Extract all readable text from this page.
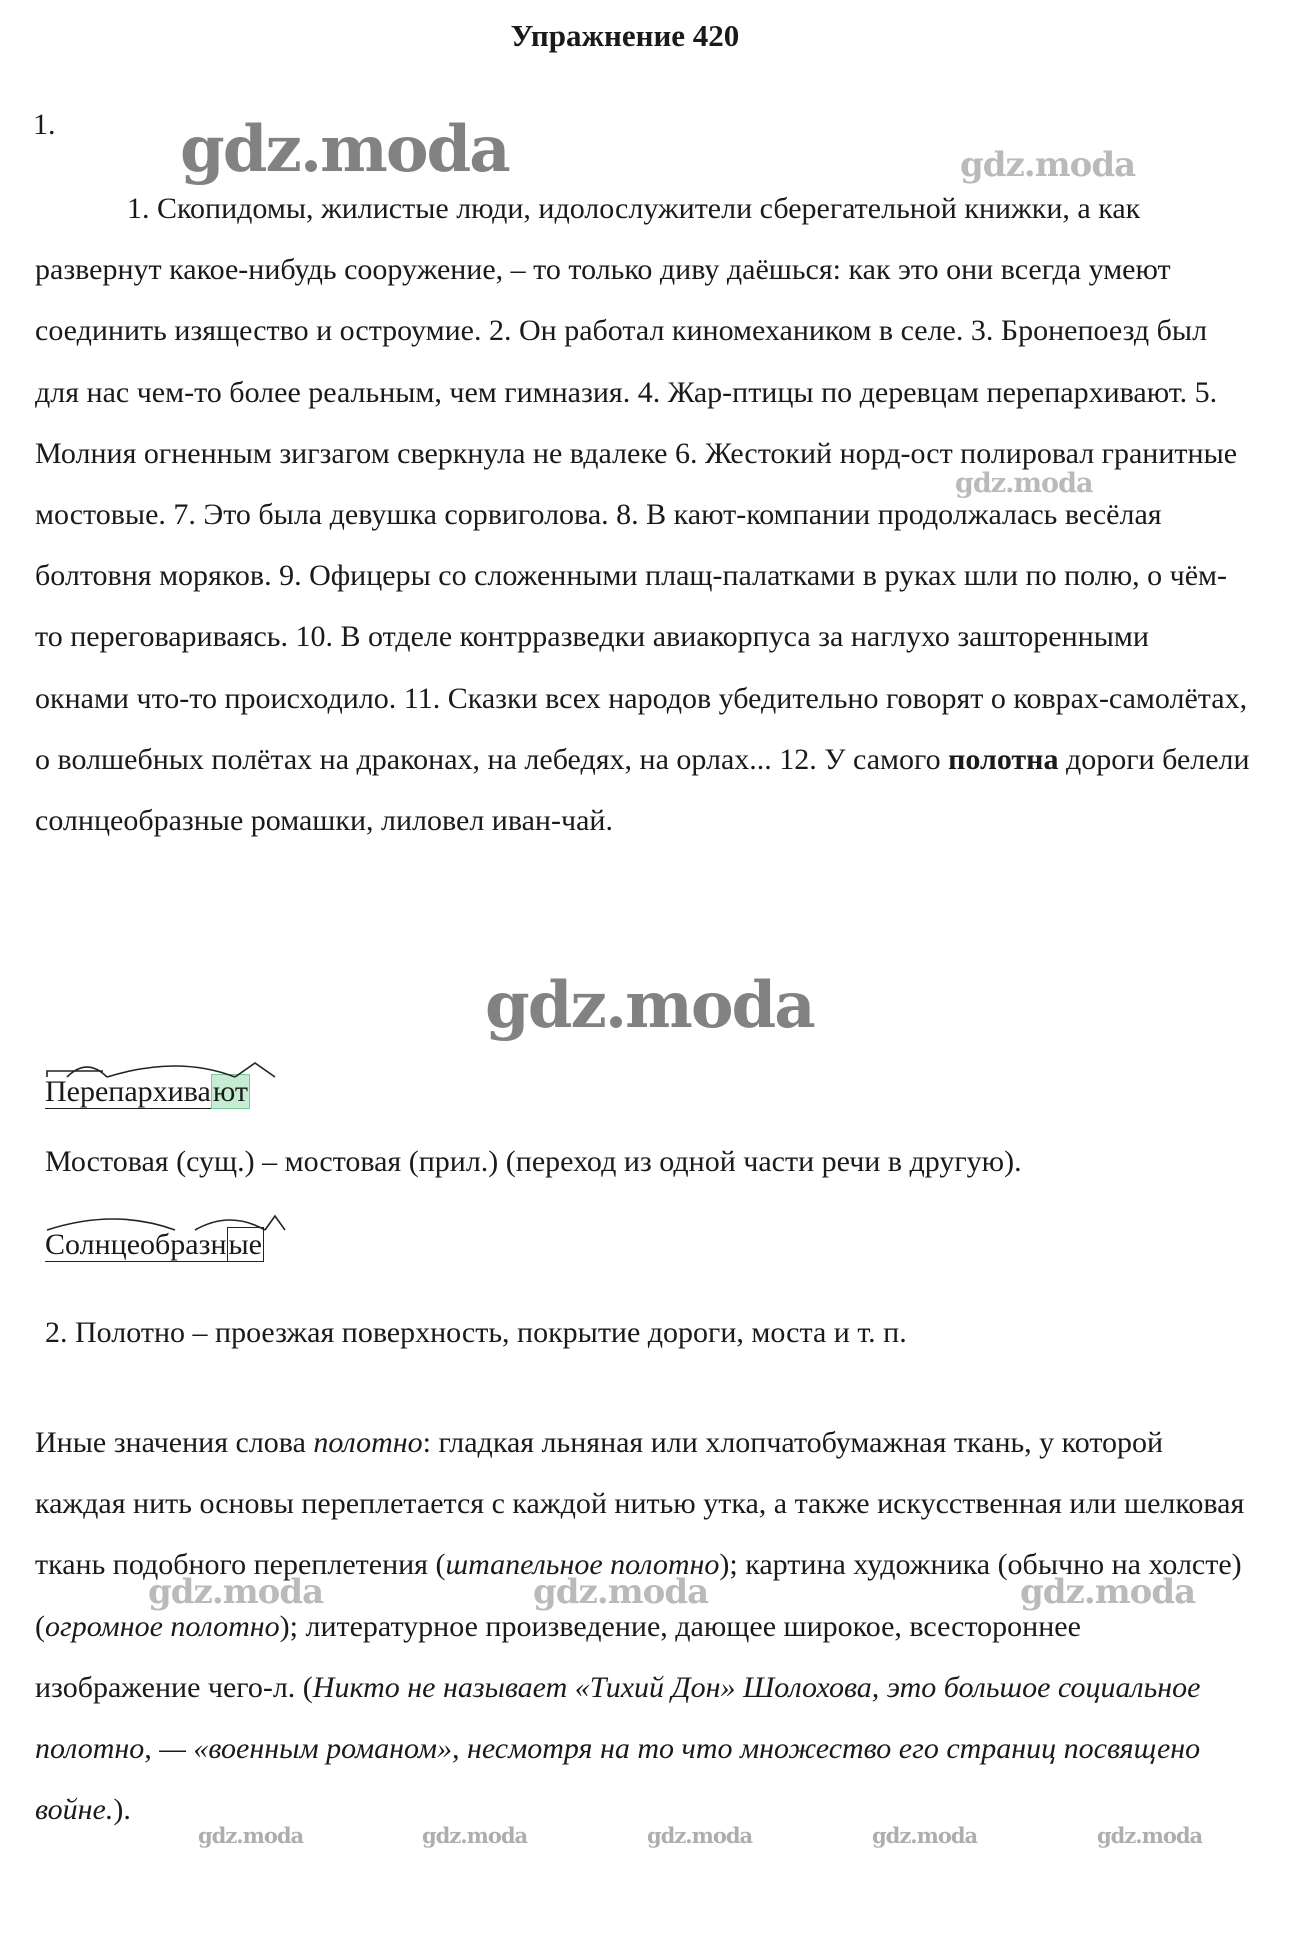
Упражнение 420
1.
1. Скопидомы, жилистые люди, идолослужители сберегательной книжки, а как развернут какое-нибудь сооружение, – то только диву даёшься: как это они всегда умеют соединить изящество и остроумие. 2. Он работал киномехаником в селе. 3. Бронепоезд был для нас чем-то более реальным, чем гимназия. 4. Жар-птицы по деревцам перепархивают. 5. Молния огненным зигзагом сверкнула не вдалеке 6. Жестокий норд-ост полировал гранитные мостовые. 7. Это была девушка сорвиголова. 8. В кают-компании продолжалась весёлая болтовня моряков. 9. Офицеры со сложенными плащ-палатками в руках шли по полю, о чём-то переговариваясь. 10. В отделе контрразведки авиакорпуса за наглухо зашторенными окнами что-то происходило. 11. Сказки всех народов убедительно говорят о коврах-самолётах, о волшебных полётах на драконах, на лебедях, на орлах... 12. У самого полотна дороги белели солнцеобразные ромашки, лиловел иван-чай.
Перепархивают
Мостовая (сущ.) – мостовая (прил.) (переход из одной части речи в другую).
Солнцеобразные
2. Полотно – проезжая поверхность, покрытие дороги, моста и т. п.
Иные значения слова полотно: гладкая льняная или хлопчатобумажная ткань, у которой каждая нить основы переплетается с каждой нитью утка, а также искусственная или шелковая ткань подобного переплетения (штапельное полотно); картина художника (обычно на холсте) (огромное полотно); литературное произведение, дающее широкое, всестороннее изображение чего-л. (Никто не называет «Тихий Дон» Шолохова, это большое социальное полотно, — «военным романом», несмотря на то что множество его страниц посвящено войне.).
gdz.moda	gdz.moda
gdz.moda
gdz.moda
gdz.moda	gdz.moda	gdz.moda
gdz.moda	gdz.moda	gdz.moda	gdz.moda	gdz.moda
